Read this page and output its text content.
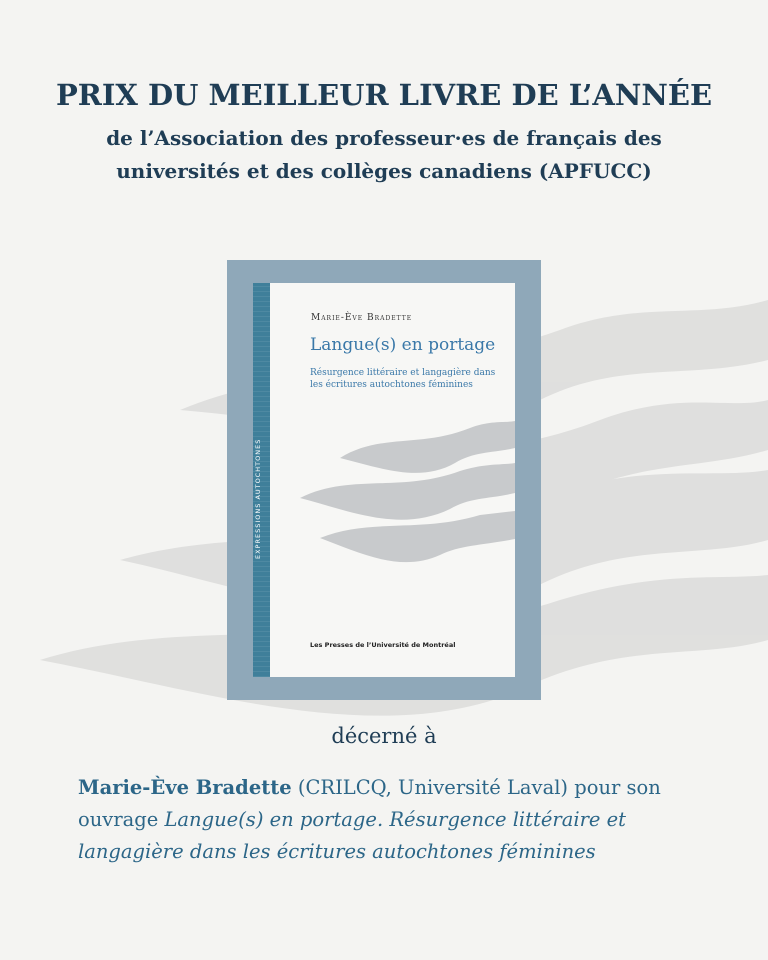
PRIX DU MEILLEUR LIVRE DE L’ANNÉE
de l’Association des professeur·es de français des universités et des collèges canadiens (APFUCC)
EXPRESSIONS AUTOCHTONES
Marie-Ève Bradette
Langue(s) en portage
Résurgence littéraire et langagière dans les écritures autochtones féminines
Les Presses de l’Université de Montréal
décerné à
Marie-Ève Bradette (CRILCQ, Université Laval) pour son ouvrage Langue(s) en portage. Résurgence littéraire et langagière dans les écritures autochtones féminines
